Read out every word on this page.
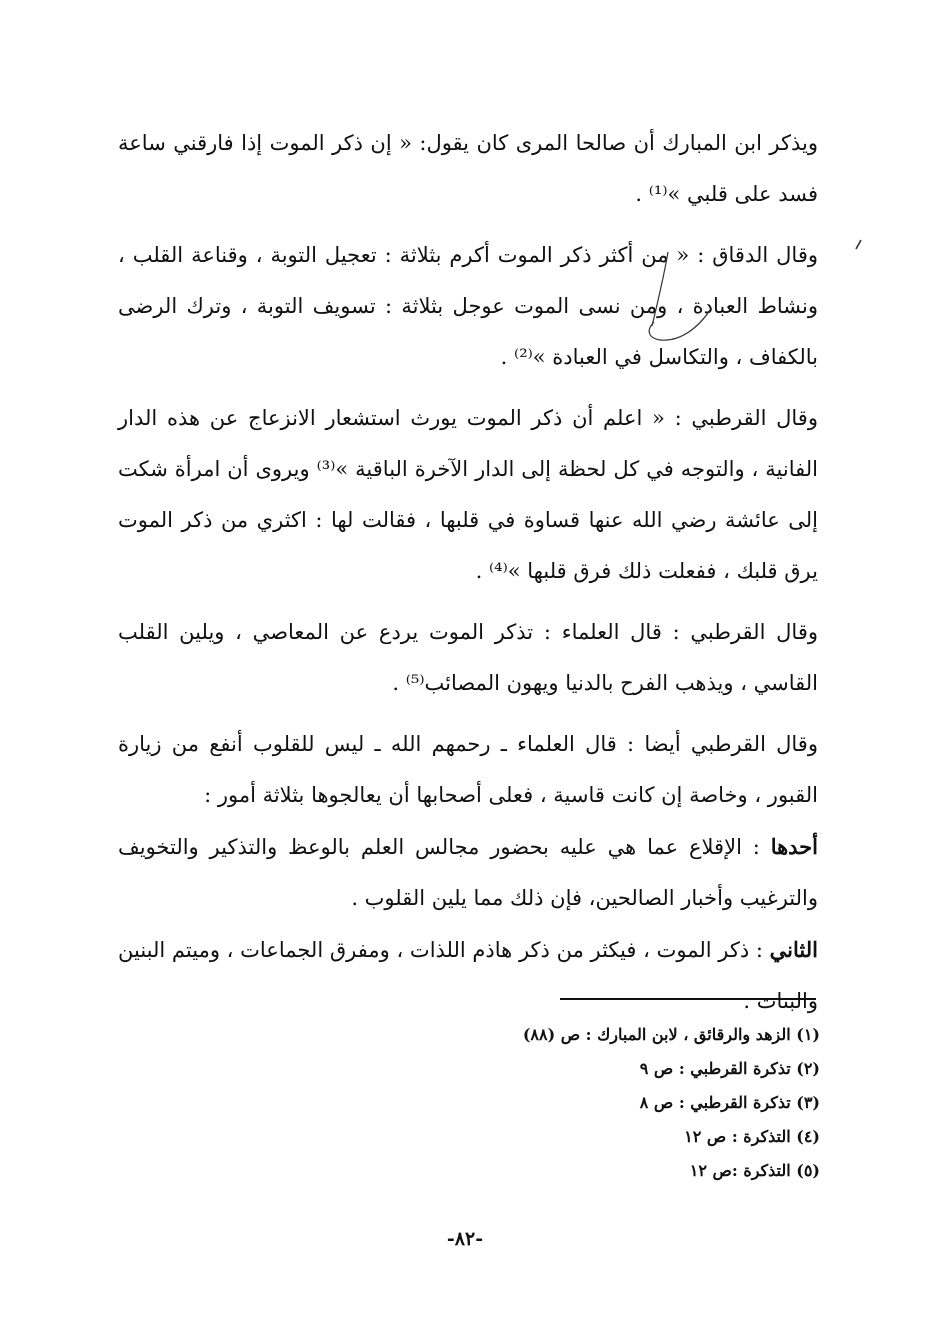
ويذكر ابن المبارك أن صالحا المرى كان يقول: « إن ذكر الموت إذا فارقني ساعة فسد على قلبي »⁽¹⁾ .

وقال الدقاق : « من أكثر ذكر الموت أكرم بثلاثة : تعجيل التوبة ، وقناعة القلب ، ونشاط العبادة ، ومن نسى الموت عوجل بثلاثة : تسويف التوبة ، وترك الرضى بالكفاف ، والتكاسل في العبادة »⁽²⁾ .

وقال القرطبي : « اعلم أن ذكر الموت يورث استشعار الانزعاج عن هذه الدار الفانية ، والتوجه في كل لحظة إلى الدار الآخرة الباقية »⁽³⁾ ويروى أن امرأة شكت إلى عائشة رضي الله عنها قساوة في قلبها ، فقالت لها : اكثري من ذكر الموت يرق قلبك ، ففعلت ذلك فرق قلبها »⁽⁴⁾ .

وقال القرطبي : قال العلماء : تذكر الموت يردع عن المعاصي ، ويلين القلب القاسي ، ويذهب الفرح بالدنيا ويهون المصائب⁽⁵⁾ .

وقال القرطبي أيضا : قال العلماء ـ رحمهم الله ـ ليس للقلوب أنفع من زيارة القبور ، وخاصة إن كانت قاسية ، فعلى أصحابها أن يعالجوها بثلاثة أمور :

أحدها : الإقلاع عما هي عليه بحضور مجالس العلم بالوعظ والتذكير والتخويف والترغيب وأخبار الصالحين، فإن ذلك مما يلين القلوب .

الثاني : ذكر الموت ، فيكثر من ذكر هاذم اللذات ، ومفرق الجماعات ، وميتم البنين والبنات .

(١) الزهد والرقائق ، لابن المبارك : ص (٨٨)
(٢) تذكرة القرطبي : ص ٩
(٣) تذكرة القرطبي : ص ٨
(٤) التذكرة : ص ١٢
(٥) التذكرة :ص ١٢
-٨٢-
